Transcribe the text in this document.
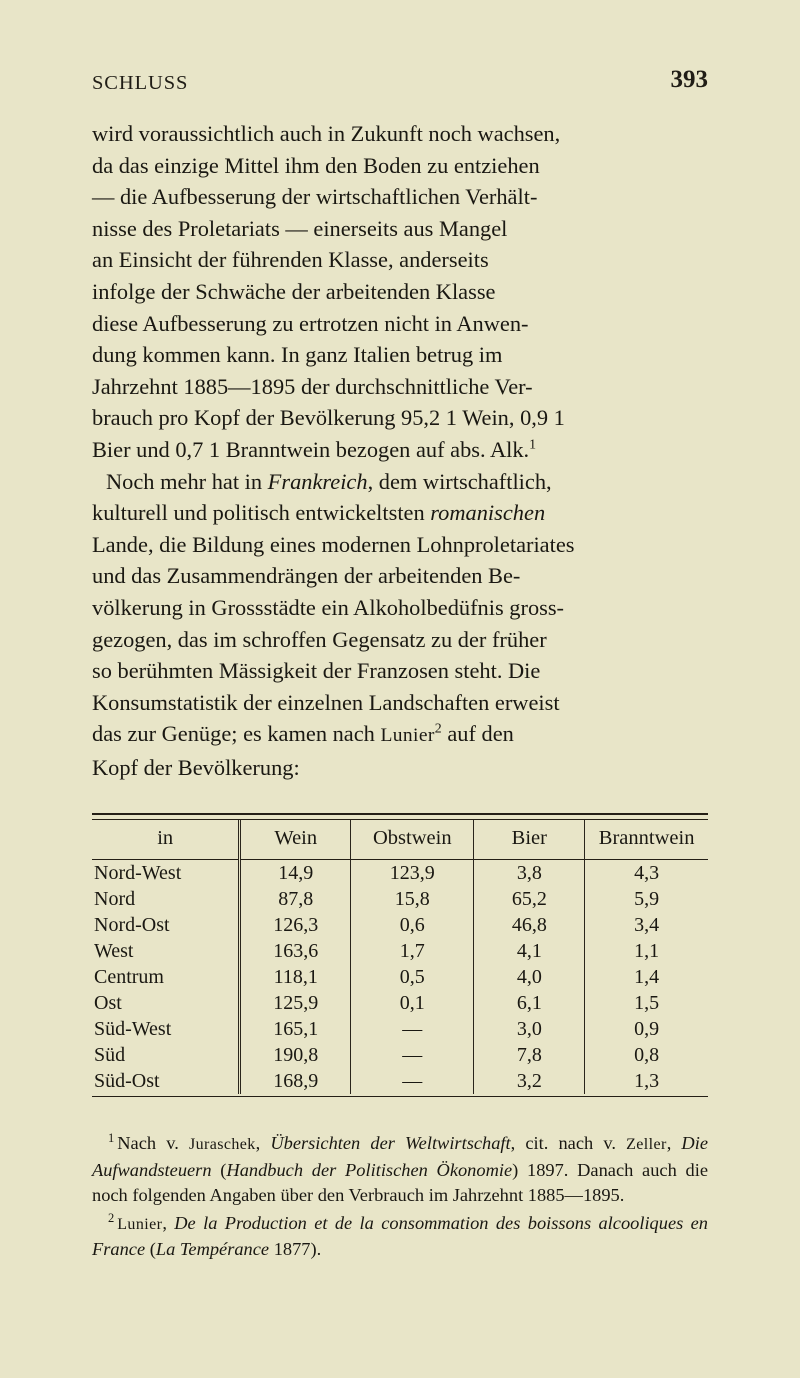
SCHLUSS	393

wird voraussichtlich auch in Zukunft noch wachsen,
da das einzige Mittel ihm den Boden zu entziehen
— die Aufbesserung der wirtschaftlichen Verhält-
nisse des Proletariats — einerseits aus Mangel
an Einsicht der führenden Klasse, anderseits
infolge der Schwäche der arbeitenden Klasse
diese Aufbesserung zu ertrotzen nicht in Anwen-
dung kommen kann. In ganz Italien betrug im
Jahrzehnt 1885—1895 der durchschnittliche Ver-
brauch pro Kopf der Bevölkerung 95,2 1 Wein, 0,9 1
Bier und 0,7 1 Branntwein bezogen auf abs. Alk.$^1$
Noch mehr hat in Frankreich, dem wirtschaftlich,
kulturell und politisch entwickeltsten romanischen
Lande, die Bildung eines modernen Lohnproletariates
und das Zusammendrängen der arbeitenden Be-
völkerung in Grossstädte ein Alkoholbedüfnis gross-
gezogen, das im schroffen Gegensatz zu der früher
so berühmten Mässigkeit der Franzosen steht. Die
Konsumstatistik der einzelnen Landschaften erweist
das zur Genüge; es kamen nach Lunier$^2$ auf den
Kopf der Bevölkerung:

in	Wein	Obstwein	Bier	Branntwein
Nord-West	14,9	123,9	3,8	4,3
Nord	87,8	15,8	65,2	5,9
Nord-Ost	126,3	0,6	46,8	3,4
West	163,6	1,7	4,1	1,1
Centrum	118,1	0,5	4,0	1,4
Ost	125,9	0,1	6,1	1,5
Süd-West	165,1	—	3,0	0,9
Süd	190,8	—	7,8	0,8
Süd-Ost	168,9	—	3,2	1,3

$^1$ Nach v. Juraschek, Übersichten der Weltwirtschaft, cit. nach v. Zeller, Die Aufwandsteuern (Handbuch der Politischen Ökonomie) 1897. Danach auch die noch folgenden Angaben über den Verbrauch im Jahrzehnt 1885—1895.

$^2$ Lunier, De la Production et de la consommation des boissons alcooliques en France (La Tempérance 1877).
